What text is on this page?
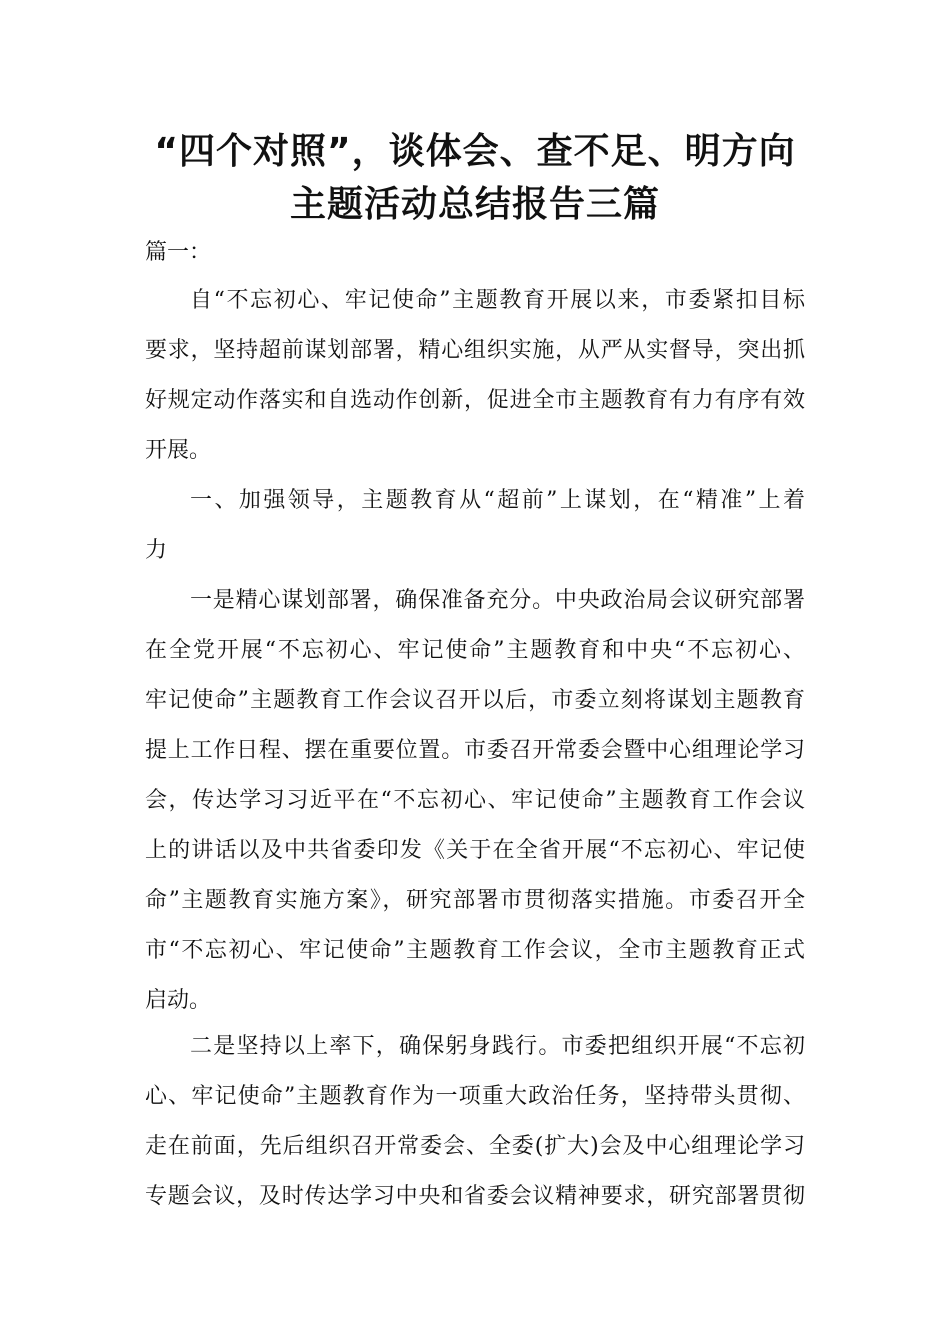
“四个对照”，谈体会、查不足、明方向
主题活动总结报告三篇
篇一：
自“不忘初心、牢记使命”主题教育开展以来，市委紧扣目标
要求，坚持超前谋划部署，精心组织实施，从严从实督导，突出抓
好规定动作落实和自选动作创新，促进全市主题教育有力有序有效
开展。
一、加强领导，主题教育从“超前”上谋划，在“精准”上着
力
一是精心谋划部署，确保准备充分。中央政治局会议研究部署
在全党开展“不忘初心、牢记使命”主题教育和中央“不忘初心、
牢记使命”主题教育工作会议召开以后，市委立刻将谋划主题教育
提上工作日程、摆在重要位置。市委召开常委会暨中心组理论学习
会，传达学习习近平在“不忘初心、牢记使命”主题教育工作会议
上的讲话以及中共省委印发《关于在全省开展“不忘初心、牢记使
命”主题教育实施方案》，研究部署市贯彻落实措施。市委召开全
市“不忘初心、牢记使命”主题教育工作会议，全市主题教育正式
启动。
二是坚持以上率下，确保躬身践行。市委把组织开展“不忘初
心、牢记使命”主题教育作为一项重大政治任务，坚持带头贯彻、
走在前面，先后组织召开常委会、全委(扩大)会及中心组理论学习
专题会议，及时传达学习中央和省委会议精神要求，研究部署贯彻
